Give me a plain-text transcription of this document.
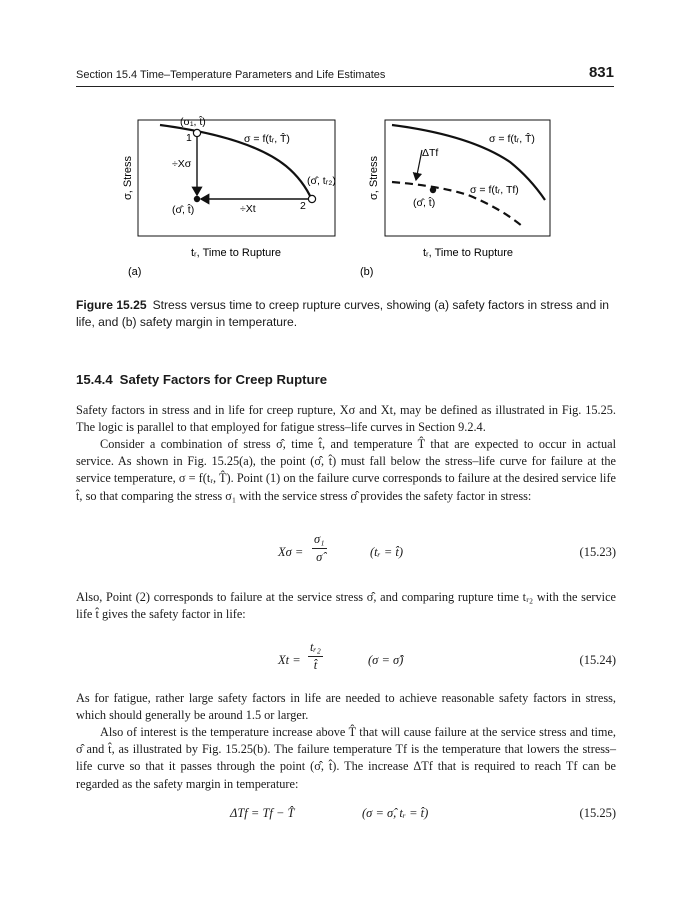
Section 15.4 Time–Temperature Parameters and Life Estimates	831
σ, Stress
tᵣ, Time to Rupture
(a)
(σ₁, t̂)
1	σ = f(tᵣ, T̂)
÷Xσ
(σ̂, t̂)	÷Xt	2
(σ̂, tᵣ₂)	σ, Stress
tᵣ, Time to Rupture
(b)
σ = f(tᵣ, T̂)
ΔTf
σ = f(tᵣ, Tf)
(σ̂, t̂)
Figure 15.25 Stress versus time to creep rupture curves, showing (a) safety factors in stress and in life, and (b) safety margin in temperature.
15.4.4 Safety Factors for Creep Rupture
Safety factors in stress and in life for creep rupture, Xσ and Xt, may be defined as illustrated in Fig. 15.25. The logic is parallel to that employed for fatigue stress–life curves in Section 9.2.4.
Consider a combination of stress σ̂, time t̂, and temperature T̂ that are expected to occur in actual service. As shown in Fig. 15.25(a), the point (σ̂, t̂) must fall below the stress–life curve for failure at the service temperature, σ = f(tᵣ, T̂). Point (1) on the failure curve corresponds to failure at the desired service life t̂, so that comparing the stress σ₁ with the service stress σ̂ provides the safety factor in stress:
$X\sigma = \frac{\text{σ₁}}{\sigmâ}$	(tᵣ = t̂)	(15.23)
Also, Point (2) corresponds to failure at the service stress σ̂, and comparing rupture time tᵣ₂ with the service life t̂ gives the safety factor in life:
$Xt = \frac{\text{tᵣ₂}}{t̂}$	(σ = σ̂)	(15.24)
As for fatigue, rather large safety factors in life are needed to achieve reasonable safety factors in stress, which should generally be around 1.5 or larger.
Also of interest is the temperature increase above T̂ that will cause failure at the service stress and time, σ̂ and t̂, as illustrated by Fig. 15.25(b). The failure temperature Tf is the temperature that lowers the stress–life curve so that it passes through the point (σ̂, t̂). The increase ΔTf that is required to reach Tf can be regarded as the safety margin in temperature:
ΔTf = Tf − T̂	(σ = σ̂, tᵣ = t̂)	(15.25)
